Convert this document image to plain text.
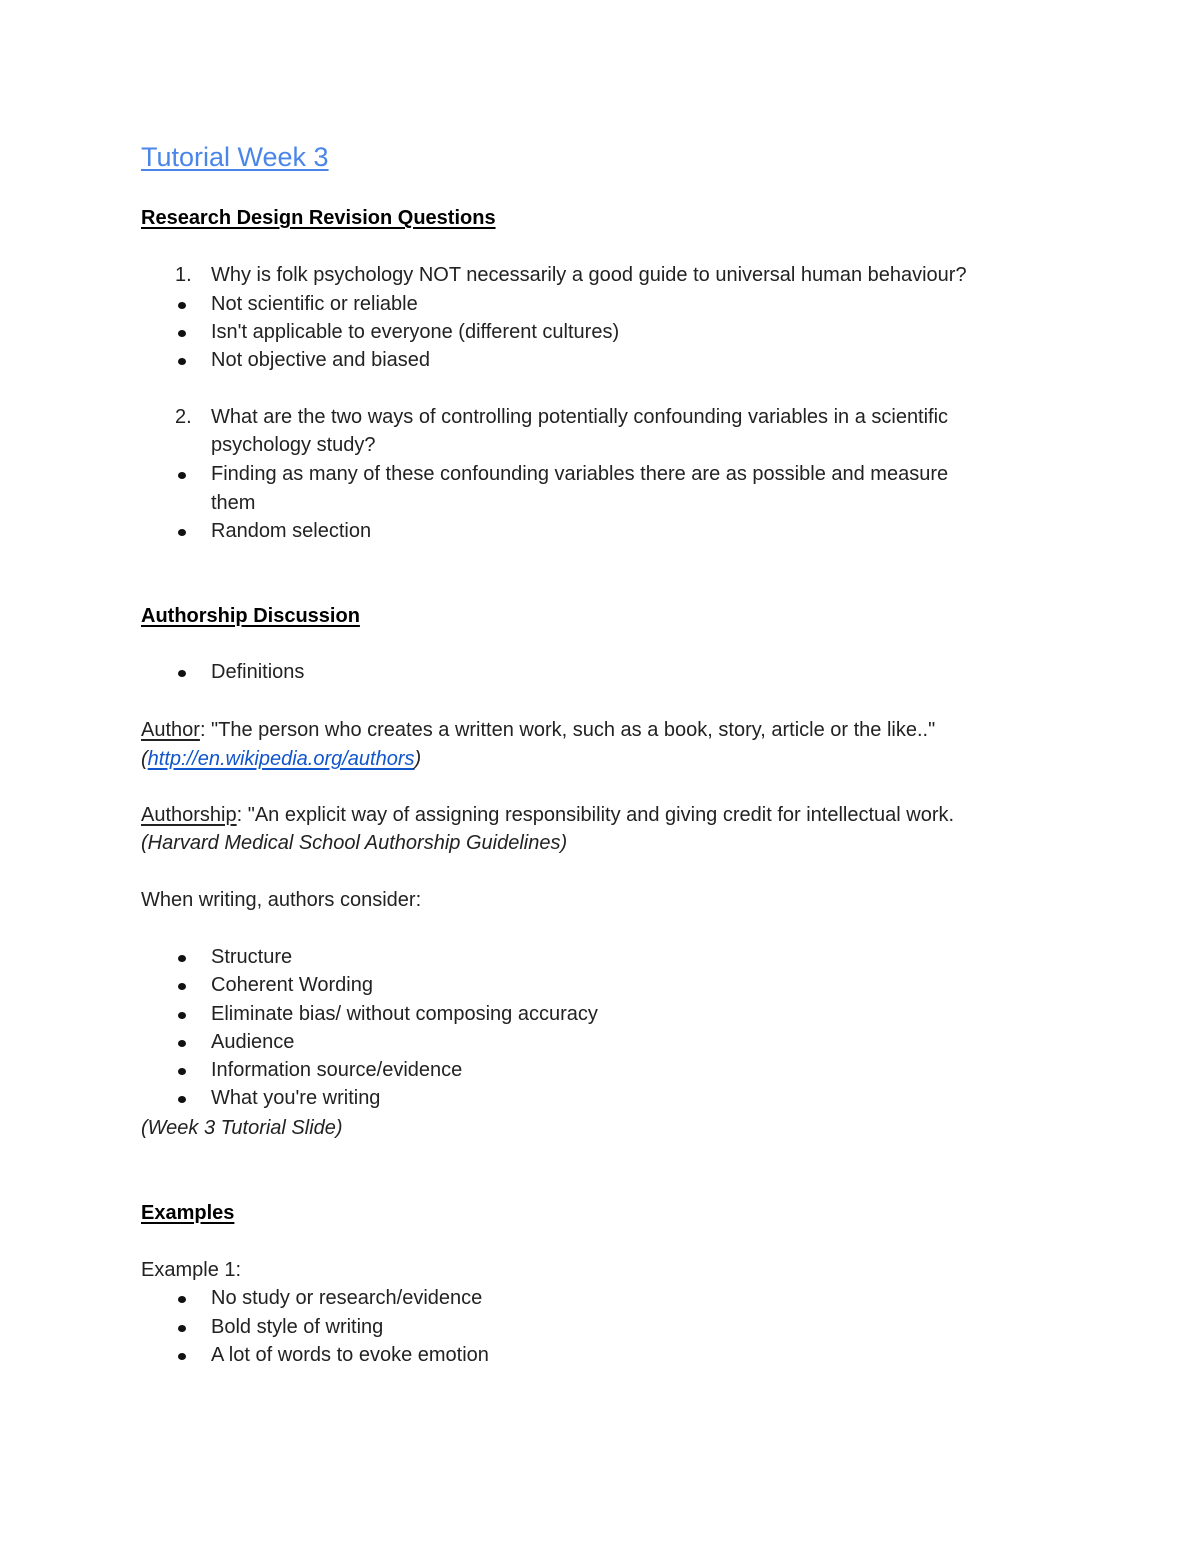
Tutorial Week 3
Research Design Revision Questions
1. Why is folk psychology NOT necessarily a good guide to universal human behaviour?
Not scientific or reliable
Isn't applicable to everyone (different cultures)
Not objective and biased
2. What are the two ways of controlling potentially confounding variables in a scientific
psychology study?
Finding as many of these confounding variables there are as possible and measure
them
Random selection
Authorship Discussion
Definitions
Author: "The person who creates a written work, such as a book, story, article or the like.."
(http://en.wikipedia.org/authors)
Authorship: "An explicit way of assigning responsibility and giving credit for intellectual work.
(Harvard Medical School Authorship Guidelines)
When writing, authors consider:
Structure
Coherent Wording
Eliminate bias/ without composing accuracy
Audience
Information source/evidence
What you're writing
(Week 3 Tutorial Slide)
Examples
Example 1:
No study or research/evidence
Bold style of writing
A lot of words to evoke emotion
